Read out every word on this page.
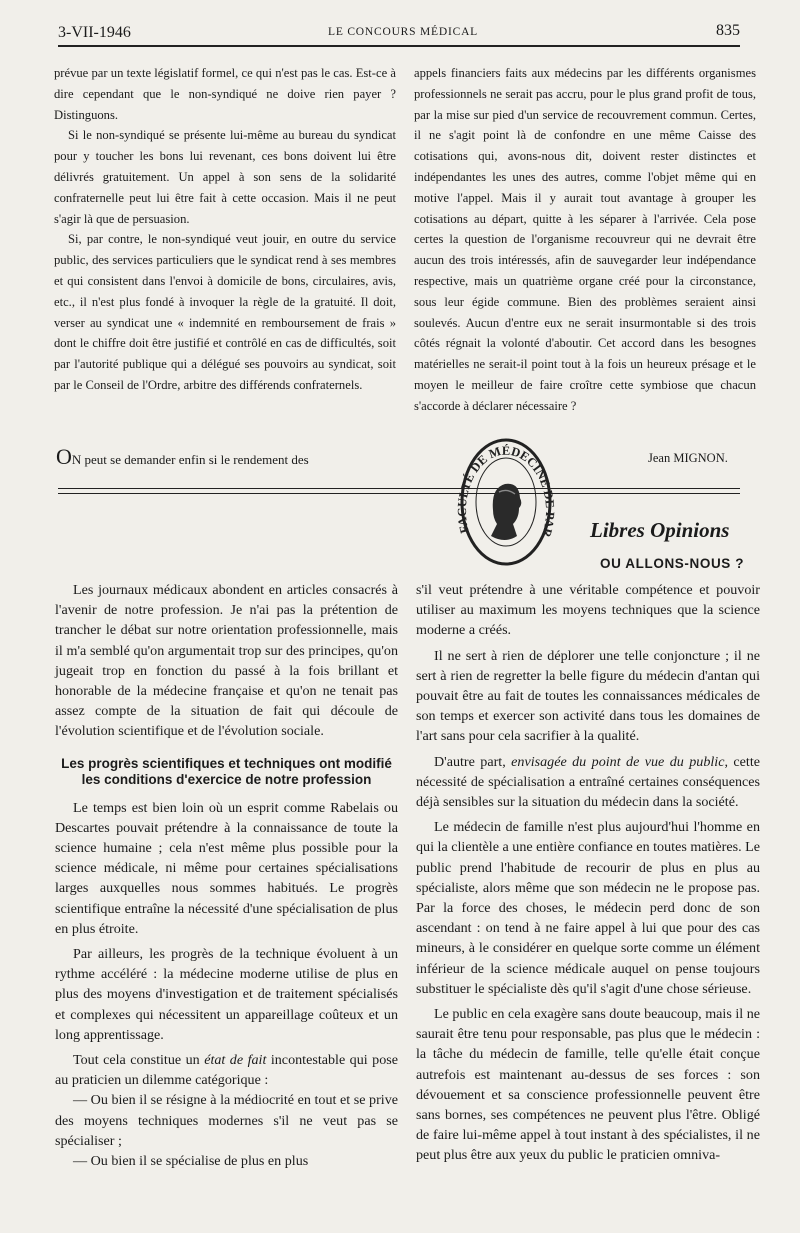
3-VII-1946	LE CONCOURS MÉDICAL	835

prévue par un texte législatif formel, ce qui n'est pas le cas. Est-ce à dire cependant que le non-syndiqué ne doive rien payer ? Distinguons.

Si le non-syndiqué se présente lui-même au bureau du syndicat pour y toucher les bons lui revenant, ces bons doivent lui être délivrés gratuitement. Un appel à son sens de la solidarité confraternelle peut lui être fait à cette occasion. Mais il ne peut s'agir là que de persuasion.

Si, par contre, le non-syndiqué veut jouir, en outre du service public, des services particuliers que le syndicat rend à ses membres et qui consistent dans l'envoi à domicile de bons, circulaires, avis, etc., il n'est plus fondé à invoquer la règle de la gratuité. Il doit, verser au syndicat une « indemnité en remboursement de frais » dont le chiffre doit être justifié et contrôlé en cas de difficultés, soit par l'autorité publique qui a délégué ses pouvoirs au syndicat, soit par le Conseil de l'Ordre, arbitre des différends confraternels.

ON peut se demander enfin si le rendement des

appels financiers faits aux médecins par les différents organismes professionnels ne serait pas accru, pour le plus grand profit de tous, par la mise sur pied d'un service de recouvrement commun. Certes, il ne s'agit point là de confondre en une même Caisse des cotisations qui, avons-nous dit, doivent rester distinctes et indépendantes les unes des autres, comme l'objet même qui en motive l'appel. Mais il y aurait tout avantage à grouper les cotisations au départ, quitte à les séparer à l'arrivée. Cela pose certes la question de l'organisme recouvreur qui ne devrait être aucun des trois intéressés, afin de sauvegarder leur indépendance respective, mais un quatrième organe créé pour la circonstance, sous leur égide commune. Bien des problèmes seraient ainsi soulevés. Aucun d'entre eux ne serait insurmontable si des trois côtés régnait la volonté d'aboutir. Cet accord dans les besognes matérielles ne serait-il point tout à la fois un heureux présage et le moyen le meilleur de faire croître cette symbiose que chacun s'accorde à déclarer nécessaire ?

Jean MIGNON.
F LTÉ DE MÉDECINE D R Libres Opinions
OU ALLONS-NOUS ?

Les journaux médicaux abondent en articles consacrés à l'avenir de notre profession. Je n'ai pas la prétention de trancher le débat sur notre orientation professionnelle, mais il m'a semblé qu'on argumentait trop sur des principes, qu'on jugeait trop en fonction du passé à la fois brillant et honorable de la médecine française et qu'on ne tenait pas assez compte de la situation de fait qui découle de l'évolution scientifique et de l'évolution sociale.

Les progrès scientifiques et techniques ont modifié les conditions d'exercice de notre profession

Le temps est bien loin où un esprit comme Rabelais ou Descartes pouvait prétendre à la connaissance de toute la science humaine ; cela n'est même plus possible pour la science médicale, ni même pour certaines spécialisations larges auxquelles nous sommes habitués. Le progrès scientifique entraîne la nécessité d'une spécialisation de plus en plus étroite.

Par ailleurs, les progrès de la technique évoluent à un rythme accéléré : la médecine moderne utilise de plus en plus des moyens d'investigation et de traitement spécialisés et complexes qui nécessitent un appareillage coûteux et un long apprentissage.

Tout cela constitue un état de fait incontestable qui pose au praticien un dilemme catégorique :

— Ou bien il se résigne à la médiocrité en tout et se prive des moyens techniques modernes s'il ne veut pas se spécialiser ;

— Ou bien il se spécialise de plus en plus

s'il veut prétendre à une véritable compétence et pouvoir utiliser au maximum les moyens techniques que la science moderne a créés.

Il ne sert à rien de déplorer une telle conjoncture ; il ne sert à rien de regretter la belle figure du médecin d'antan qui pouvait être au fait de toutes les connaissances médicales de son temps et exercer son activité dans tous les domaines de l'art sans pour cela sacrifier à la qualité.

D'autre part, envisagée du point de vue du public, cette nécessité de spécialisation a entraîné certaines conséquences déjà sensibles sur la situation du médecin dans la société.

Le médecin de famille n'est plus aujourd'hui l'homme en qui la clientèle a une entière confiance en toutes matières. Le public prend l'habitude de recourir de plus en plus au spécialiste, alors même que son médecin ne le propose pas. Par la force des choses, le médecin perd donc de son ascendant : on tend à ne faire appel à lui que pour des cas mineurs, à le considérer en quelque sorte comme un élément inférieur de la science médicale auquel on pense toujours substituer le spécialiste dès qu'il s'agit d'une chose sérieuse.

Le public en cela exagère sans doute beaucoup, mais il ne saurait être tenu pour responsable, pas plus que le médecin : la tâche du médecin de famille, telle qu'elle était conçue autrefois est maintenant au-dessus de ses forces : son dévouement et sa conscience professionnelle peuvent être sans bornes, ses compétences ne peuvent plus l'être. Obligé de faire lui-même appel à tout instant à des spécialistes, il ne peut plus être aux yeux du public le praticien omniva-
